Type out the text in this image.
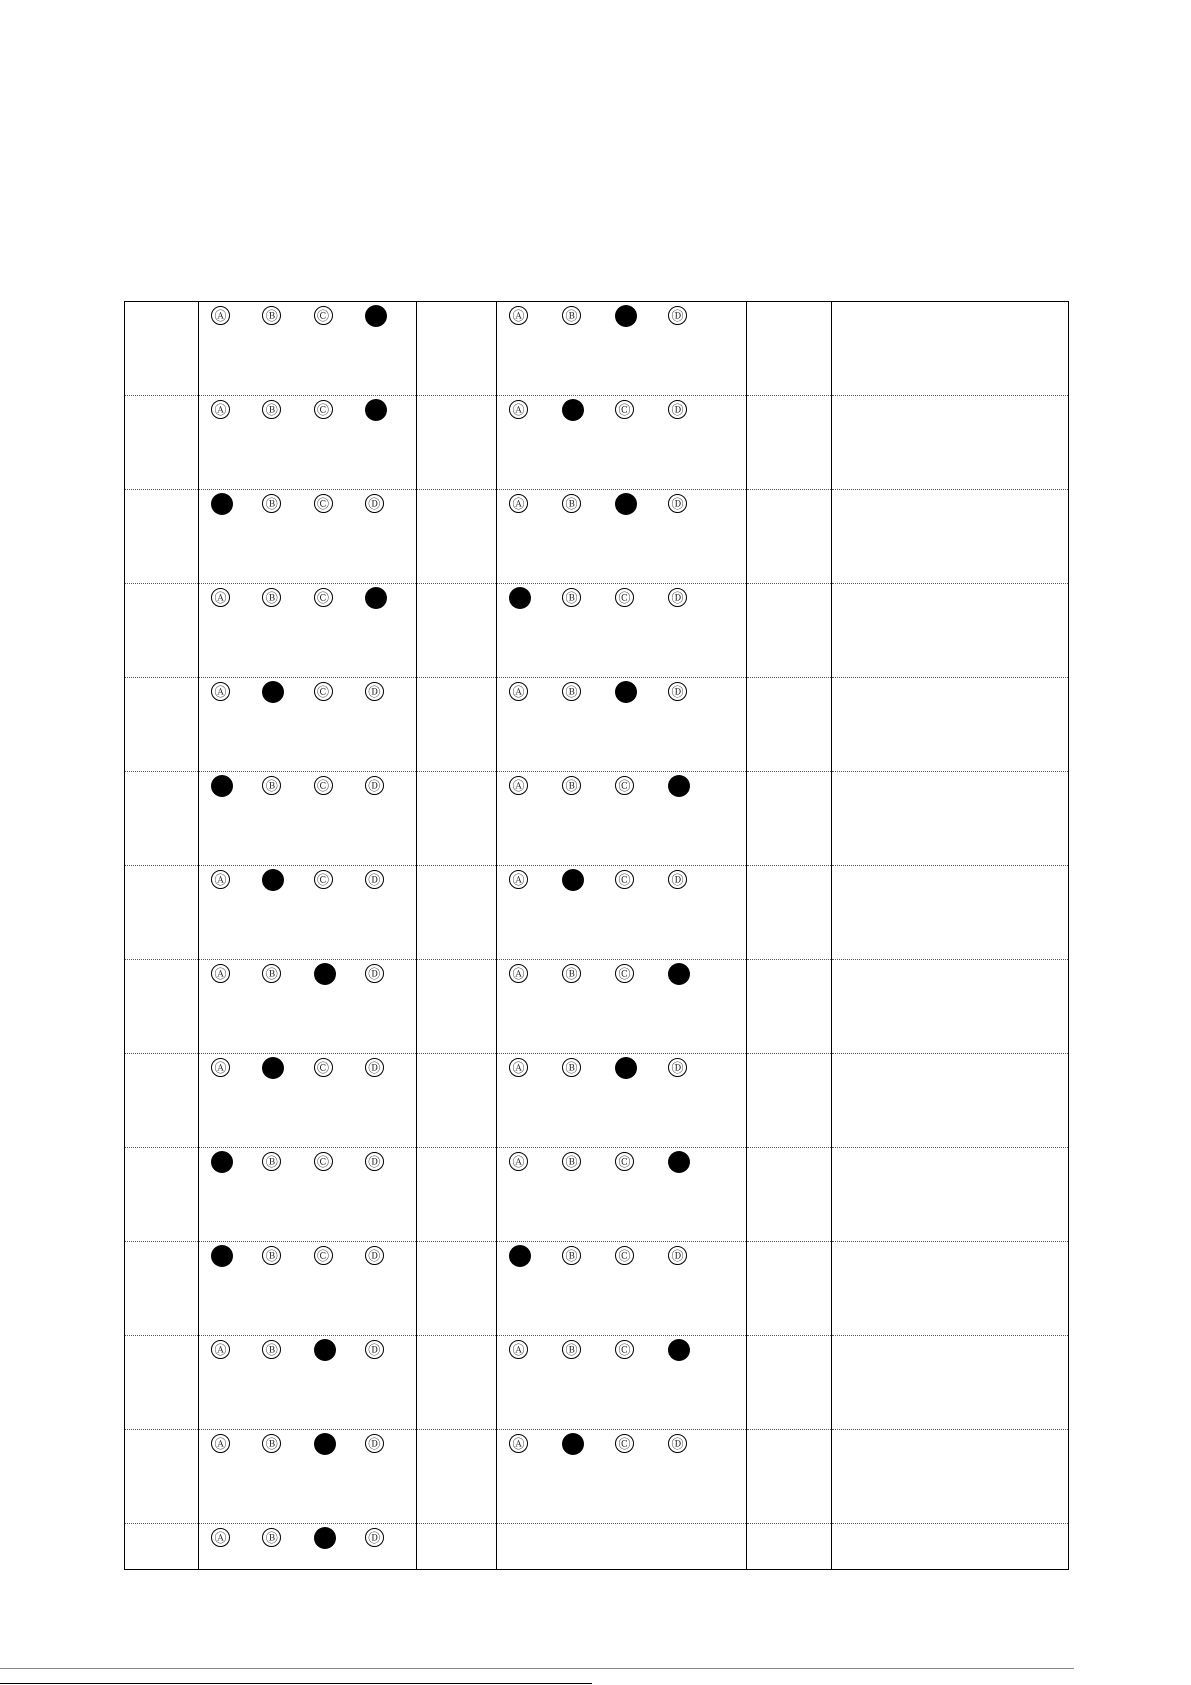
Ⓐ Ⓑ Ⓒ		Ⓐ Ⓑ Ⓓ		

Ⓐ Ⓑ Ⓒ		Ⓐ Ⓒ Ⓓ		

Ⓑ Ⓒ Ⓓ		Ⓐ Ⓑ Ⓓ		

Ⓐ Ⓑ Ⓒ		Ⓑ Ⓒ Ⓓ		

Ⓐ Ⓒ Ⓓ		Ⓐ Ⓑ Ⓓ		

Ⓑ Ⓒ Ⓓ		Ⓐ Ⓑ Ⓒ		

Ⓐ Ⓒ Ⓓ		Ⓐ Ⓒ Ⓓ		

Ⓐ Ⓑ Ⓓ		Ⓐ Ⓑ Ⓒ		

Ⓐ Ⓒ Ⓓ		Ⓐ Ⓑ Ⓓ		

Ⓑ Ⓒ Ⓓ		Ⓐ Ⓑ Ⓒ		

Ⓑ Ⓒ Ⓓ		Ⓑ Ⓒ Ⓓ		

Ⓐ Ⓑ Ⓓ		Ⓐ Ⓑ Ⓒ		

Ⓐ Ⓑ Ⓓ		Ⓐ Ⓒ Ⓓ		

Ⓐ Ⓑ Ⓓ				
